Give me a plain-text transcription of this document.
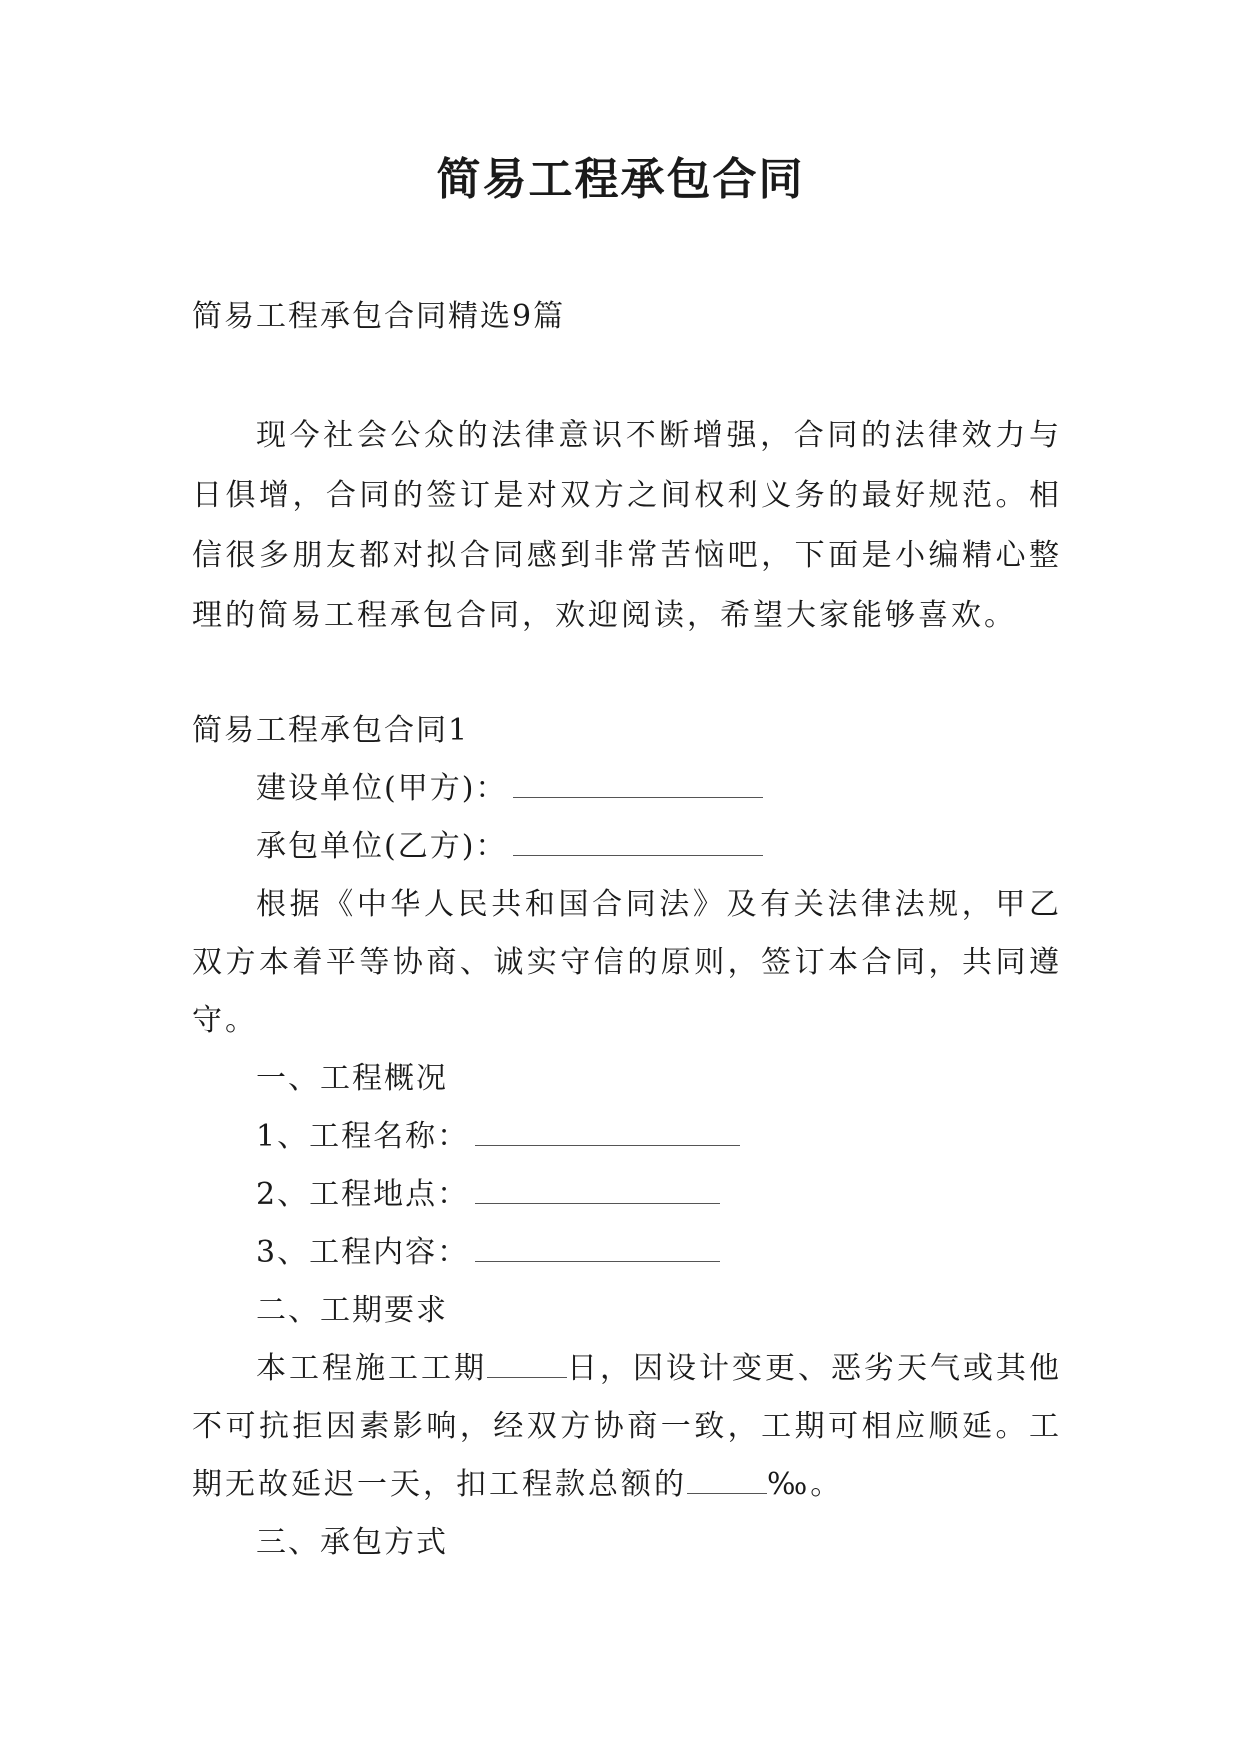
简易工程承包合同
简易工程承包合同精选9篇
现今社会公众的法律意识不断增强，合同的法律效力与日俱增，合同的签订是对双方之间权利义务的最好规范。相信很多朋友都对拟合同感到非常苦恼吧，下面是小编精心整理的简易工程承包合同，欢迎阅读，希望大家能够喜欢。
简易工程承包合同1
建设单位(甲方)：
承包单位(乙方)：
根据《中华人民共和国合同法》及有关法律法规，甲乙双方本着平等协商、诚实守信的原则，签订本合同，共同遵守。
一、工程概况
1、工程名称：
2、工程地点：
3、工程内容：
二、工期要求
本工程施工工期	日，因设计变更、恶劣天气或其他不可抗拒因素影响，经双方协商一致，工期可相应顺延。工期无故延迟一天，扣工程款总额的	‰。
三、承包方式
